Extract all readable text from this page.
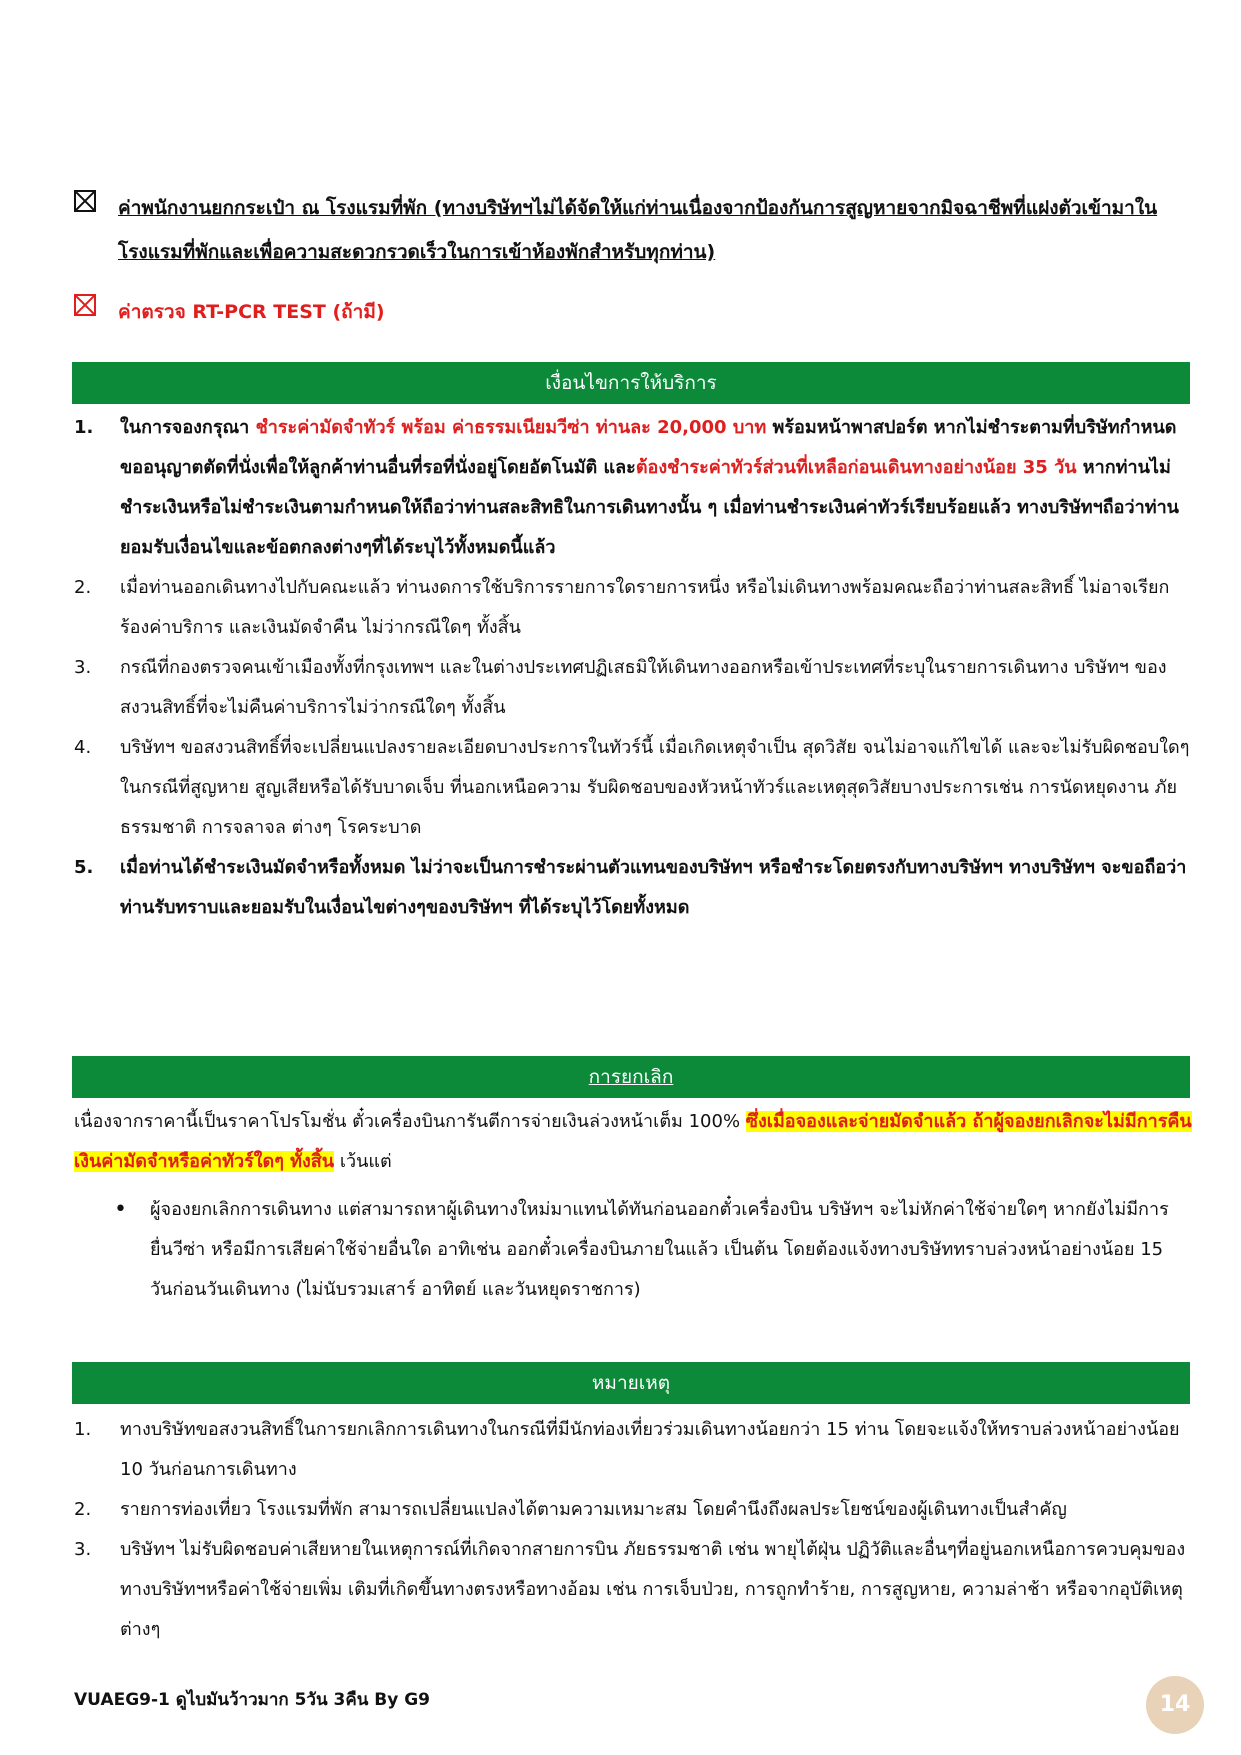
ค่าพนักงานยกกระเป๋า ณ โรงแรมที่พัก (ทางบริษัทฯไม่ได้จัดให้แก่ท่านเนื่องจากป้องกันการสูญหายจากมิจฉาชีพที่แฝงตัวเข้ามาในโรงแรมที่พักและเพื่อความสะดวกรวดเร็วในการเข้าห้องพักสำหรับทุกท่าน)
ค่าตรวจ RT-PCR TEST (ถ้ามี)
เงื่อนไขการให้บริการ
1. ในการจองกรุณา ชำระค่ามัดจำทัวร์ พร้อม ค่าธรรมเนียมวีซ่า ท่านละ 20,000 บาท พร้อมหน้าพาสปอร์ต หากไม่ชำระตามที่บริษัทกำหนด ขออนุญาตตัดที่นั่งเพื่อให้ลูกค้าท่านอื่นที่รอที่นั่งอยู่โดยอัตโนมัติ และต้องชำระค่าทัวร์ส่วนที่เหลือก่อนเดินทางอย่างน้อย 35 วัน หากท่านไม่ชำระเงินหรือไม่ชำระเงินตามกำหนดให้ถือว่าท่านสละสิทธิในการเดินทางนั้น ๆ เมื่อท่านชำระเงินค่าทัวร์เรียบร้อยแล้ว ทางบริษัทฯถือว่าท่านยอมรับเงื่อนไขและข้อตกลงต่างๆที่ได้ระบุไว้ทั้งหมดนี้แล้ว
2. เมื่อท่านออกเดินทางไปกับคณะแล้ว ท่านงดการใช้บริการรายการใดรายการหนึ่ง หรือไม่เดินทางพร้อมคณะถือว่าท่านสละสิทธิ์ ไม่อาจเรียกร้องค่าบริการ และเงินมัดจำคืน ไม่ว่ากรณีใดๆ ทั้งสิ้น
3. กรณีที่กองตรวจคนเข้าเมืองทั้งที่กรุงเทพฯ และในต่างประเทศปฏิเสธมิให้เดินทางออกหรือเข้าประเทศที่ระบุในรายการเดินทาง บริษัทฯ ของสงวนสิทธิ์ที่จะไม่คืนค่าบริการไม่ว่ากรณีใดๆ ทั้งสิ้น
4. บริษัทฯ ขอสงวนสิทธิ์ที่จะเปลี่ยนแปลงรายละเอียดบางประการในทัวร์นี้ เมื่อเกิดเหตุจำเป็น สุดวิสัย จนไม่อาจแก้ไขได้ และจะไม่รับผิดชอบใดๆ ในกรณีที่สูญหาย สูญเสียหรือได้รับบาดเจ็บ ที่นอกเหนือความ รับผิดชอบของหัวหน้าทัวร์และเหตุสุดวิสัยบางประการเช่น การนัดหยุดงาน ภัยธรรมชาติ การจลาจล ต่างๆ โรคระบาด
5. เมื่อท่านได้ชำระเงินมัดจำหรือทั้งหมด ไม่ว่าจะเป็นการชำระผ่านตัวแทนของบริษัทฯ หรือชำระโดยตรงกับทางบริษัทฯ ทางบริษัทฯ จะขอถือว่าท่านรับทราบและยอมรับในเงื่อนไขต่างๆของบริษัทฯ ที่ได้ระบุไว้โดยทั้งหมด
การยกเลิก
เนื่องจากราคานี้เป็นราคาโปรโมชั่น ตั๋วเครื่องบินการันตีการจ่ายเงินล่วงหน้าเต็ม 100% ซึ่งเมื่อจองและจ่ายมัดจำแล้ว ถ้าผู้จองยกเลิกจะไม่มีการคืนเงินค่ามัดจำหรือค่าทัวร์ใดๆ ทั้งสิ้น เว้นแต่
• ผู้จองยกเลิกการเดินทาง แต่สามารถหาผู้เดินทางใหม่มาแทนได้ทันก่อนออกตั๋วเครื่องบิน บริษัทฯ จะไม่หักค่าใช้จ่ายใดๆ หากยังไม่มีการยื่นวีซ่า หรือมีการเสียค่าใช้จ่ายอื่นใด อาทิเช่น ออกตั๋วเครื่องบินภายในแล้ว เป็นต้น โดยต้องแจ้งทางบริษัททราบล่วงหน้าอย่างน้อย 15 วันก่อนวันเดินทาง (ไม่นับรวมเสาร์ อาทิตย์ และวันหยุดราชการ)
หมายเหตุ
1. ทางบริษัทขอสงวนสิทธิ์ในการยกเลิกการเดินทางในกรณีที่มีนักท่องเที่ยวร่วมเดินทางน้อยกว่า 15 ท่าน โดยจะแจ้งให้ทราบล่วงหน้าอย่างน้อย 10 วันก่อนการเดินทาง
2. รายการท่องเที่ยว โรงแรมที่พัก สามารถเปลี่ยนแปลงได้ตามความเหมาะสม โดยคำนึงถึงผลประโยชน์ของผู้เดินทางเป็นสำคัญ
3. บริษัทฯ ไม่รับผิดชอบค่าเสียหายในเหตุการณ์ที่เกิดจากสายการบิน ภัยธรรมชาติ เช่น พายุไต้ฝุ่น ปฏิวัติและอื่นๆที่อยู่นอกเหนือการควบคุมของทางบริษัทฯหรือค่าใช้จ่ายเพิ่ม เติมที่เกิดขึ้นทางตรงหรือทางอ้อม เช่น การเจ็บป่วย, การถูกทำร้าย, การสูญหาย, ความล่าช้า หรือจากอุบัติเหตุต่างๆ
VUAEG9-1 ดูไบมันว้าวมาก 5วัน 3คืน By G9	14
